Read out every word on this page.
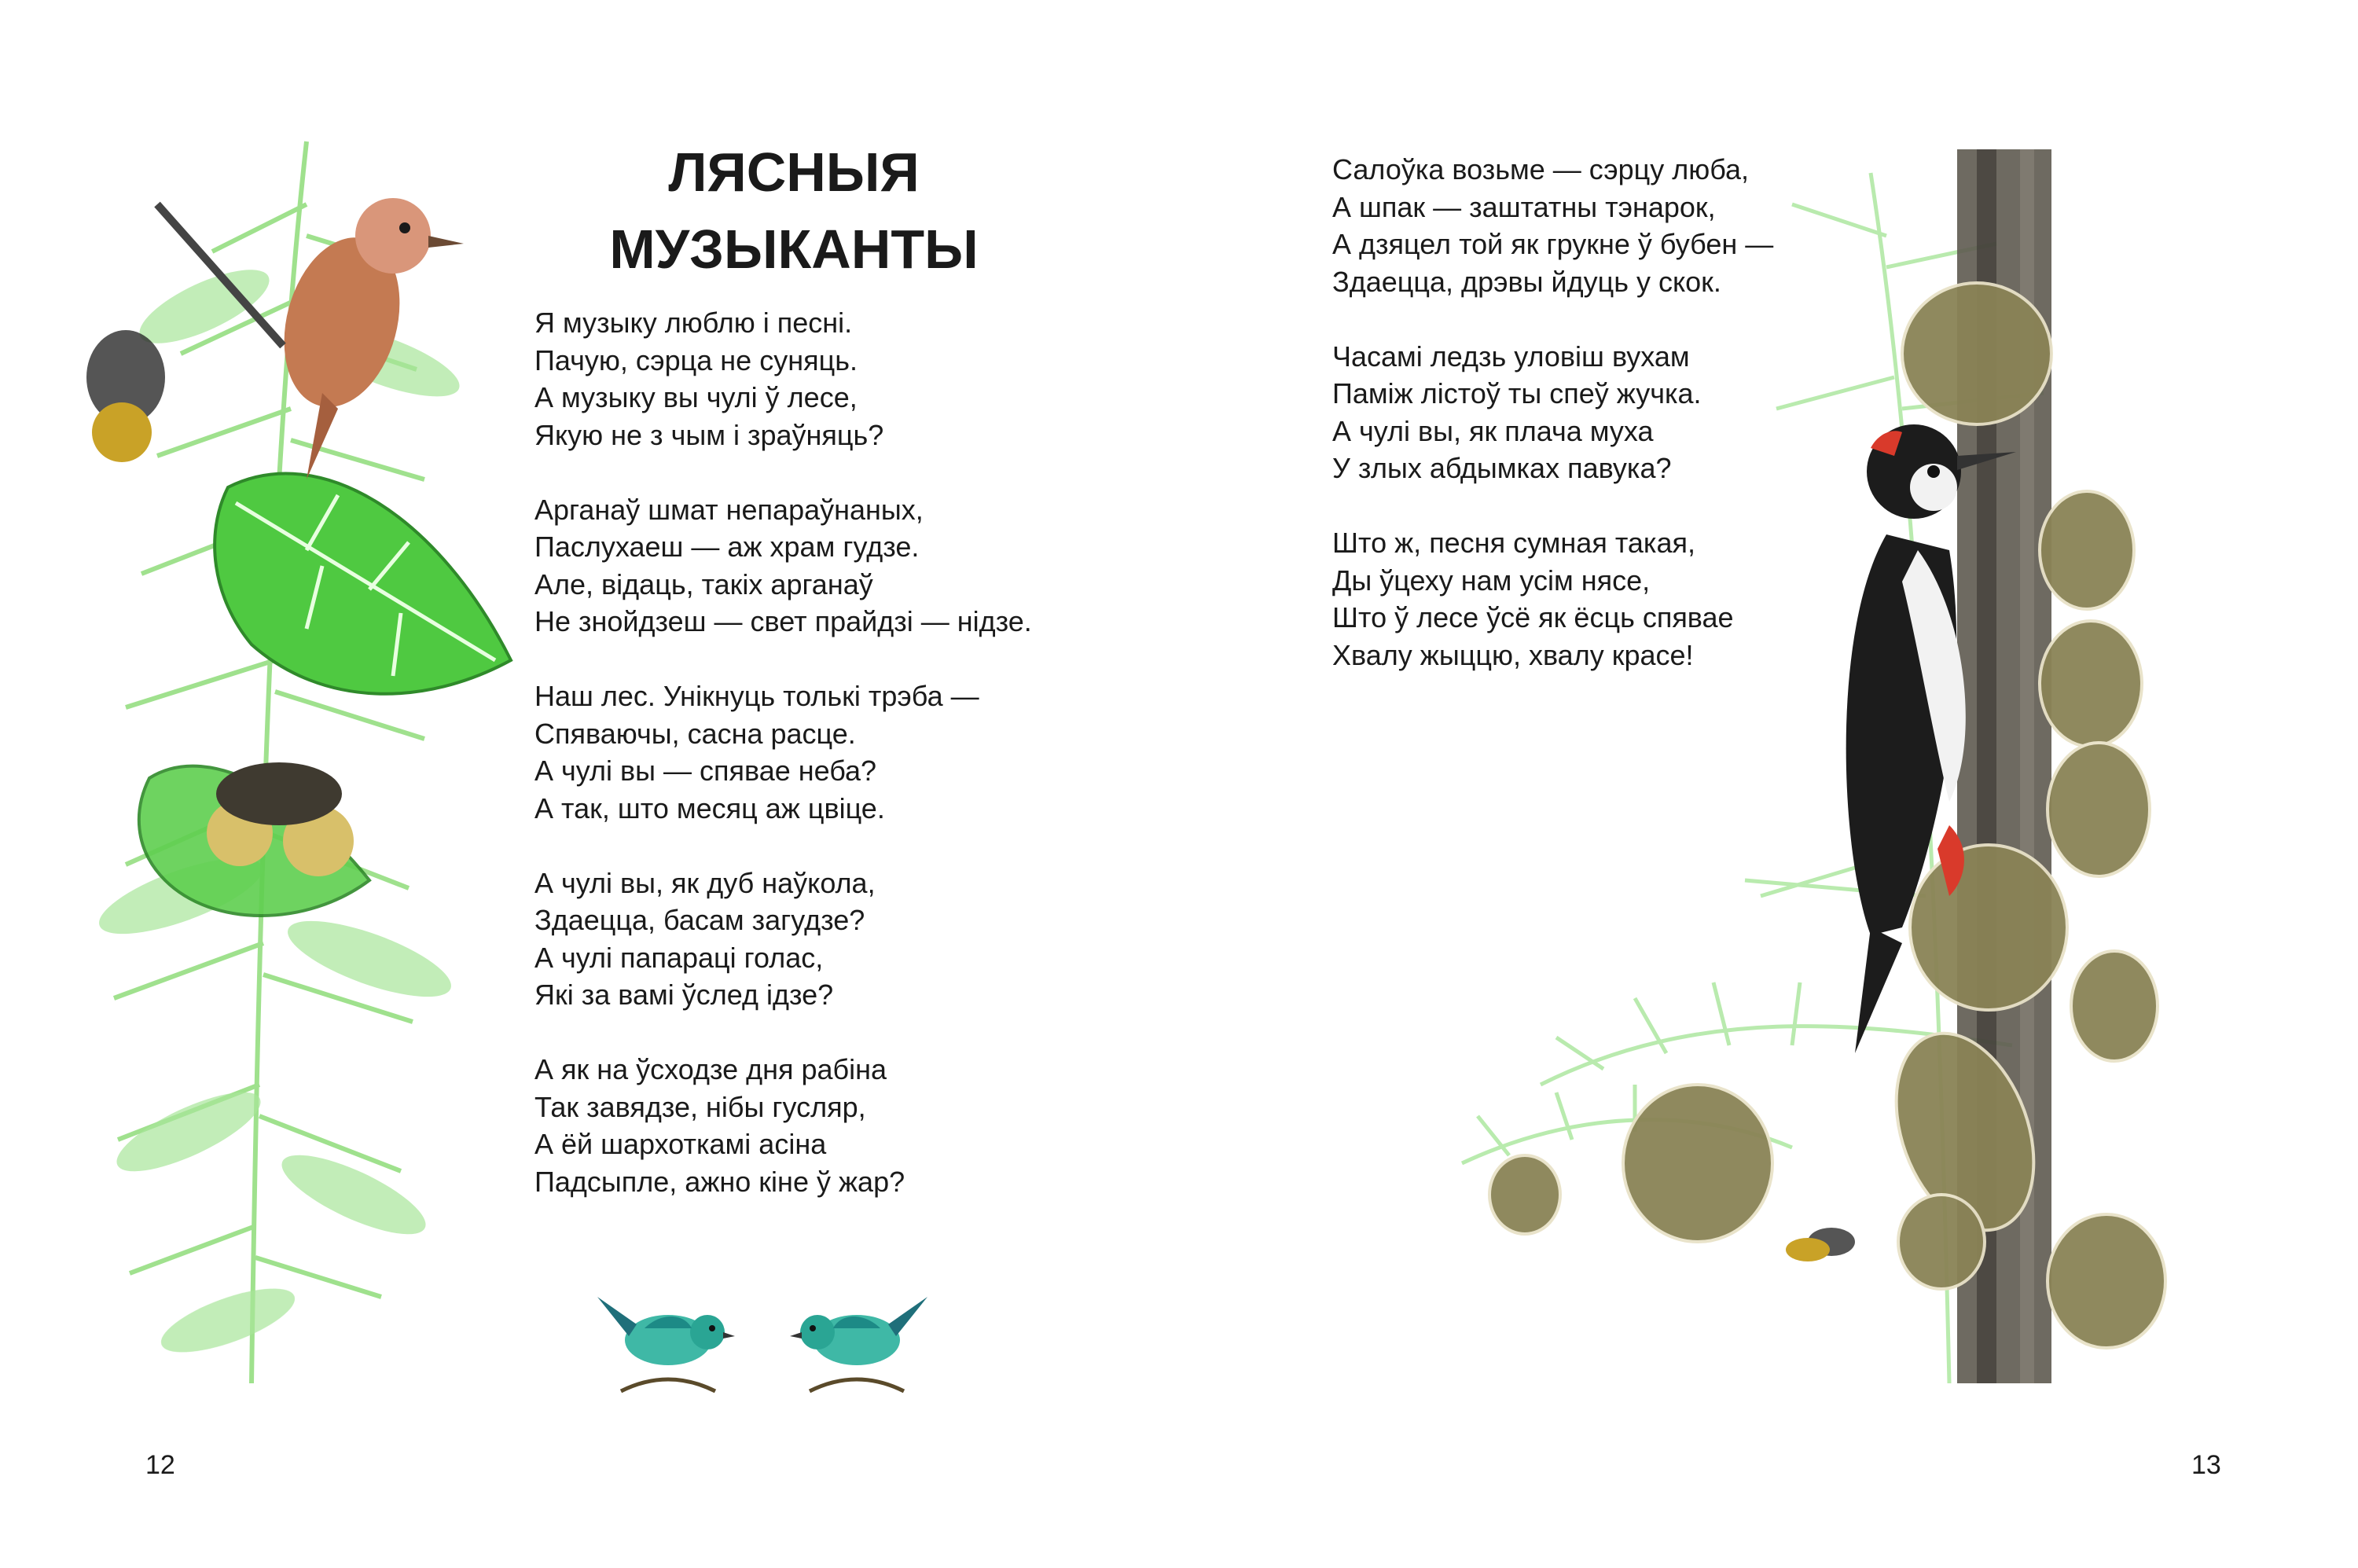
ЛЯСНЫЯ
МУЗЫКАНТЫ
Я музыку люблю і песні.
Пачую, сэрца не суняць.
А музыку вы чулі ў лесе,
Якую не з чым і зраўняць?
Арганаў шмат непараўнаных,
Паслухаеш — аж храм гудзе.
Але, відаць, такіх арганаў
Не знойдзеш — свет прайдзі — нідзе.
Наш лес. Унікнуць толькі трэба —
Спяваючы, сасна расце.
А чулі вы — спявае неба?
А так, што месяц аж цвіце.
А чулі вы, як дуб наўкола,
Здаецца, басам загудзе?
А чулі папараці голас,
Які за вамі ўслед ідзе?
А як на ўсходзе дня рабіна
Так завядзе, нібы гусляр,
А ёй шархоткамі асіна
Падсыпле, ажно кіне ў жар?
12
Салоўка возьме — сэрцу люба,
А шпак — заштатны тэнарок,
А дзяцел той як грукне ў бубен —
Здаецца, дрэвы йдуць у скок.
Часамі ледзь уловіш вухам
Паміж лістоў ты спеў жучка.
А чулі вы, як плача муха
У злых абдымках павука?
Што ж, песня сумная такая,
Ды ўцеху нам усім нясе,
Што ў лесе ўсё як ёсць спявае
Хвалу жыццю, хвалу красе!
13
